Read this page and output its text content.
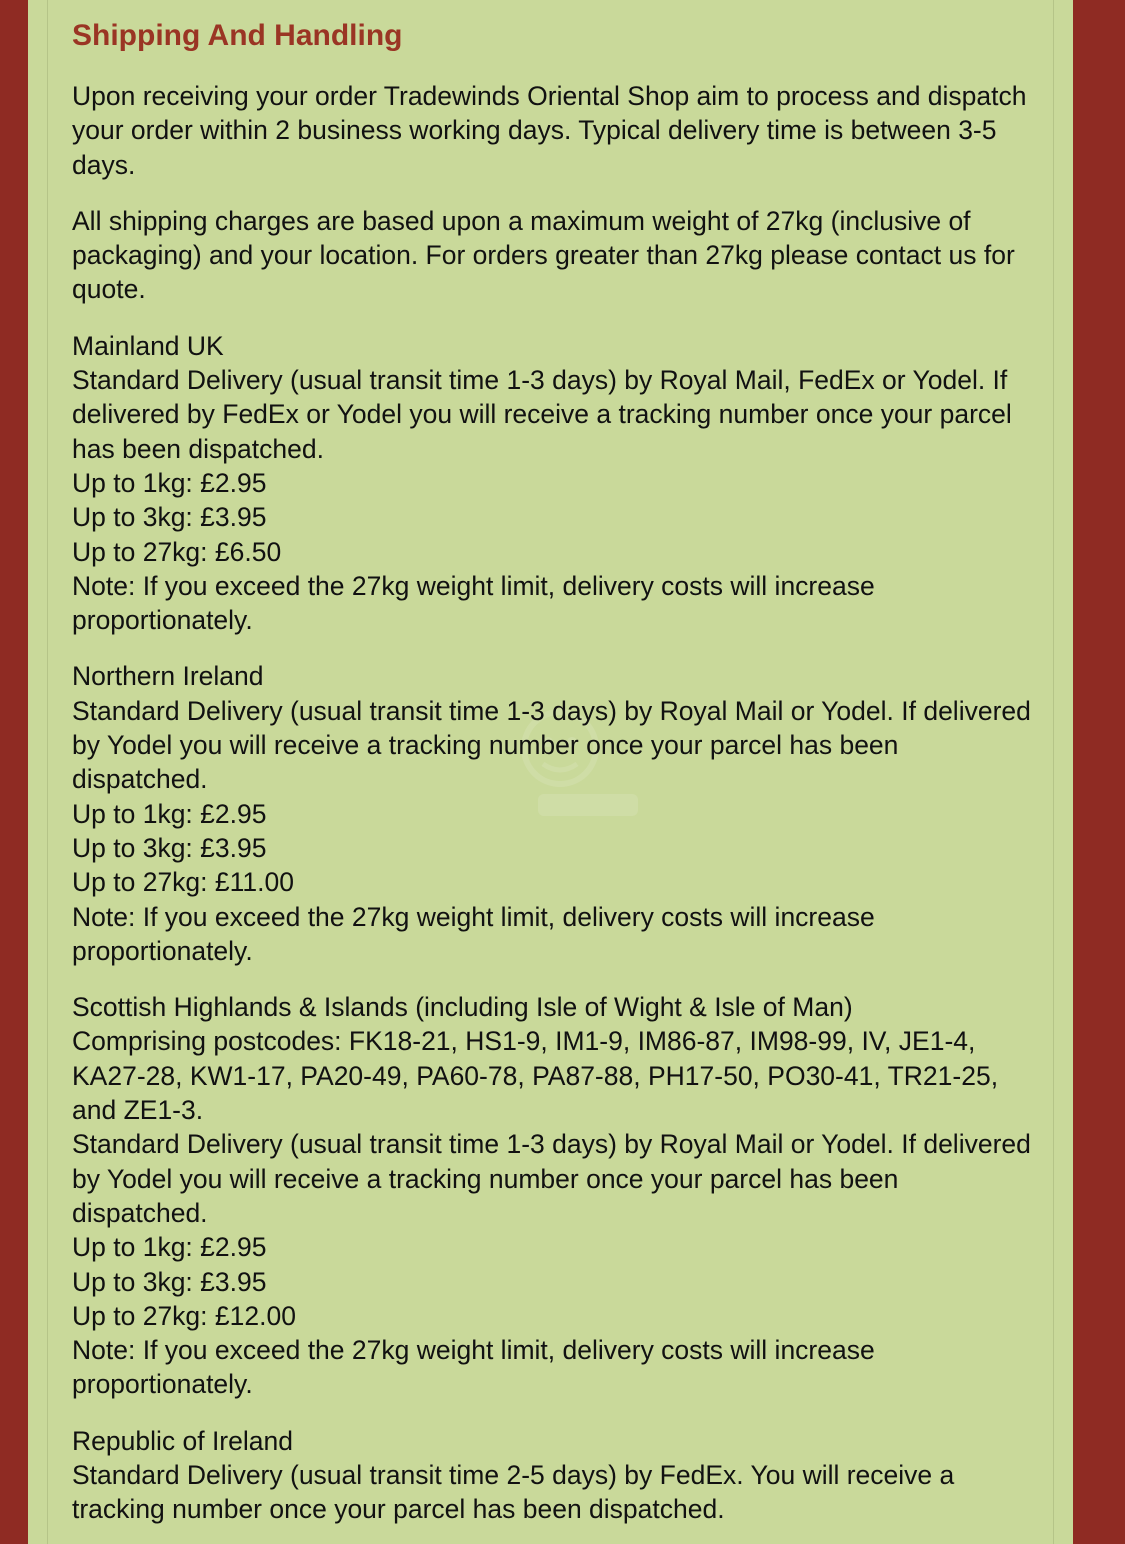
Shipping And Handling

Upon receiving your order Tradewinds Oriental Shop aim to process and dispatch your order within 2 business working days. Typical delivery time is between 3-5 days.

All shipping charges are based upon a maximum weight of 27kg (inclusive of packaging) and your location. For orders greater than 27kg please contact us for quote.

Mainland UK
Standard Delivery (usual transit time 1-3 days) by Royal Mail, FedEx or Yodel. If delivered by FedEx or Yodel you will receive a tracking number once your parcel has been dispatched.
Up to 1kg: £2.95
Up to 3kg: £3.95
Up to 27kg: £6.50
Note: If you exceed the 27kg weight limit, delivery costs will increase proportionately.
Northern Ireland
Standard Delivery (usual transit time 1-3 days) by Royal Mail or Yodel. If delivered by Yodel you will receive a tracking number once your parcel has been dispatched.
Up to 1kg: £2.95
Up to 3kg: £3.95
Up to 27kg: £11.00
Note: If you exceed the 27kg weight limit, delivery costs will increase proportionately.
Scottish Highlands & Islands (including Isle of Wight & Isle of Man)
Comprising postcodes: FK18-21, HS1-9, IM1-9, IM86-87, IM98-99, IV, JE1-4, KA27-28, KW1-17, PA20-49, PA60-78, PA87-88, PH17-50, PO30-41, TR21-25, and ZE1-3.
Standard Delivery (usual transit time 1-3 days) by Royal Mail or Yodel. If delivered by Yodel you will receive a tracking number once your parcel has been dispatched.
Up to 1kg: £2.95
Up to 3kg: £3.95
Up to 27kg: £12.00
Note: If you exceed the 27kg weight limit, delivery costs will increase proportionately.
Republic of Ireland
Standard Delivery (usual transit time 2-5 days) by FedEx. You will receive a tracking number once your parcel has been dispatched.
